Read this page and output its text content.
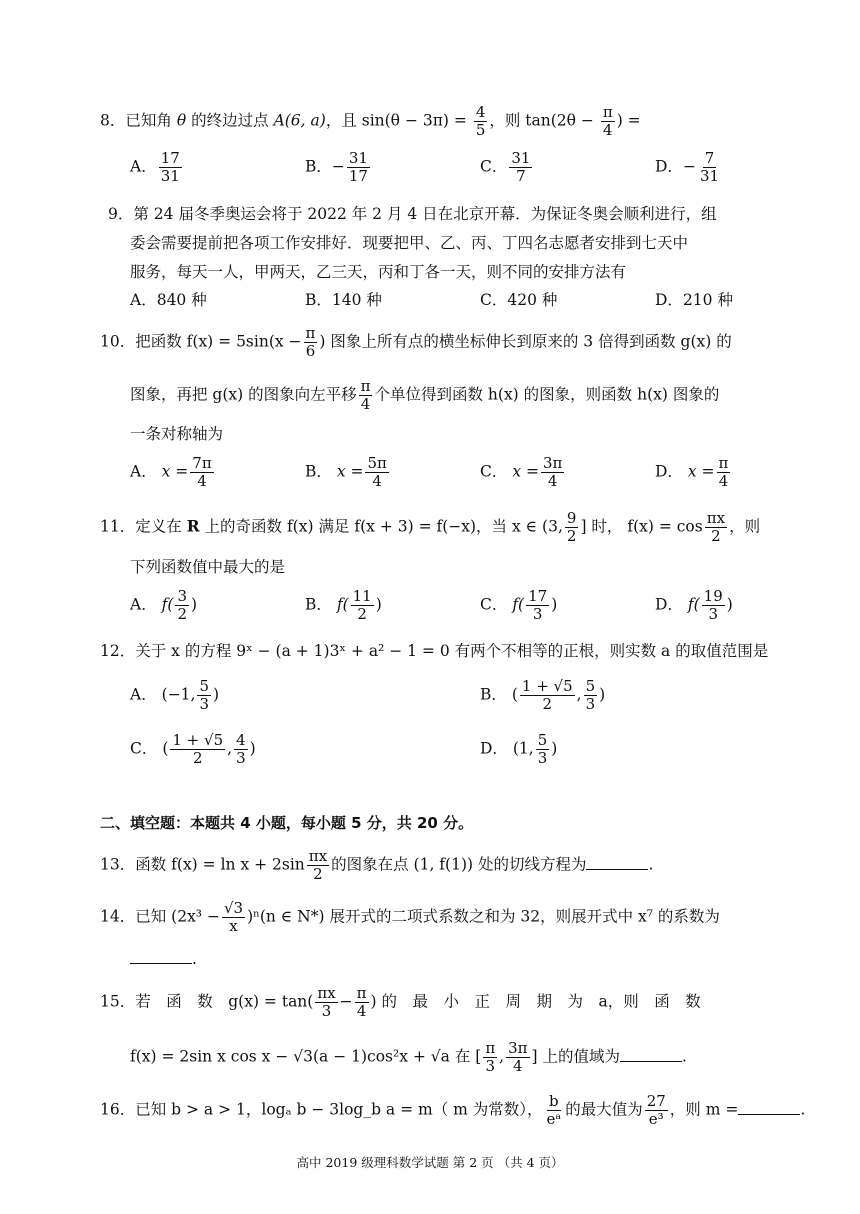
8．已知角 θ 的终边过点 A(6, a)，且 $\sin(\theta - 3\pi) = \frac{4}{5}$ ，则 $\tan(2\theta - \frac{\pi}{4}$ ) =
A． $\frac{17}{31}$	B．− $\frac{31}{17}$	C． $\frac{31}{7}$	D．− $\frac{7}{31}$
9．第 24 届冬季奥运会将于 2022 年 2 月 4 日在北京开幕．为保证冬奥会顺利进行，组
委会需要提前把各项工作安排好．现要把甲、乙、丙、丁四名志愿者安排到七天中
服务，每天一人，甲两天，乙三天，丙和丁各一天，则不同的安排方法有
A．840 种	B．140 种	C．420 种	D．210 种
10．把函数 $f(x) = 5\sin(x - \frac{\pi}{6}$ ) 图象上所有点的横坐标伸长到原来的 3 倍得到函数 g(x) 的
图象，再把 g(x) 的图象向左平移 $\frac{\pi}{4}$ 个单位得到函数 h(x) 的图象，则函数 h(x) 图象的
一条对称轴为
A． $x = \frac{7\pi}{4}$	B． $x = \frac{5\pi}{4}$	C． $x = \frac{3\pi}{4}$	D． $x = \frac{\pi}{4}$
11．定义在 R 上的奇函数 f(x) 满足 f(x + 3) = f(−x)，当 x ∈ (3, $\frac{9}{2}$ ] 时， $f(x) = \cos \frac{\pi x}{2}$ ，则
下列函数值中最大的是
A． $f( \frac{3}{2}$ )	B． $f( \frac{11}{2}$ )	C． $f( \frac{17}{3}$ )	D． $f( \frac{19}{3}$ )
12．关于 x 的方程 9ˣ − (a + 1)3ˣ + a² − 1 = 0 有两个不相等的正根，则实数 a 的取值范围是
A． (−1, $\frac{5}{3}$ )	B． ( $\frac{1 + √5}{2}$ , $\frac{5}{3}$ )
C． ( $\frac{1 + √5}{2}$ , $\frac{4}{3}$ )	D． (1, $\frac{5}{3}$ )
二、填空题：本题共 4 小题，每小题 5 分，共 20 分。
13．函数 $f(x) = \ln x + 2\sin \frac{\pi x}{2}$ 的图象在点 (1, f(1)) 处的切线方程为	.
14．已知 $(2x^3 - \frac{√3}{x} )^n(n$ ∈ N*) 展开式的二项式系数之和为 32，则展开式中 x⁷ 的系数为
.
15．若　函　数　$g(x) = \tan( \frac{\pi x}{3} - \frac{\pi}{4}$ ) 的　最　小　正　周　期　为　a，则　函　数
f(x) = 2sin x cos x − √3(a − 1)cos²x + √a 在 [ $\frac{\pi}{3}$ , $\frac{3\pi}{4}$ ] 上的值域为	.
16．已知 b > a > 1，logₐ b − 3log_b a = m（ m 为常数）， $\frac{b}{\text{eᵃ}}$ 的最大值为 $\frac{27}{\text{e³}}$ ，则 m =	.
高中 2019 级理科数学试题 第 2 页 （共 4 页）
